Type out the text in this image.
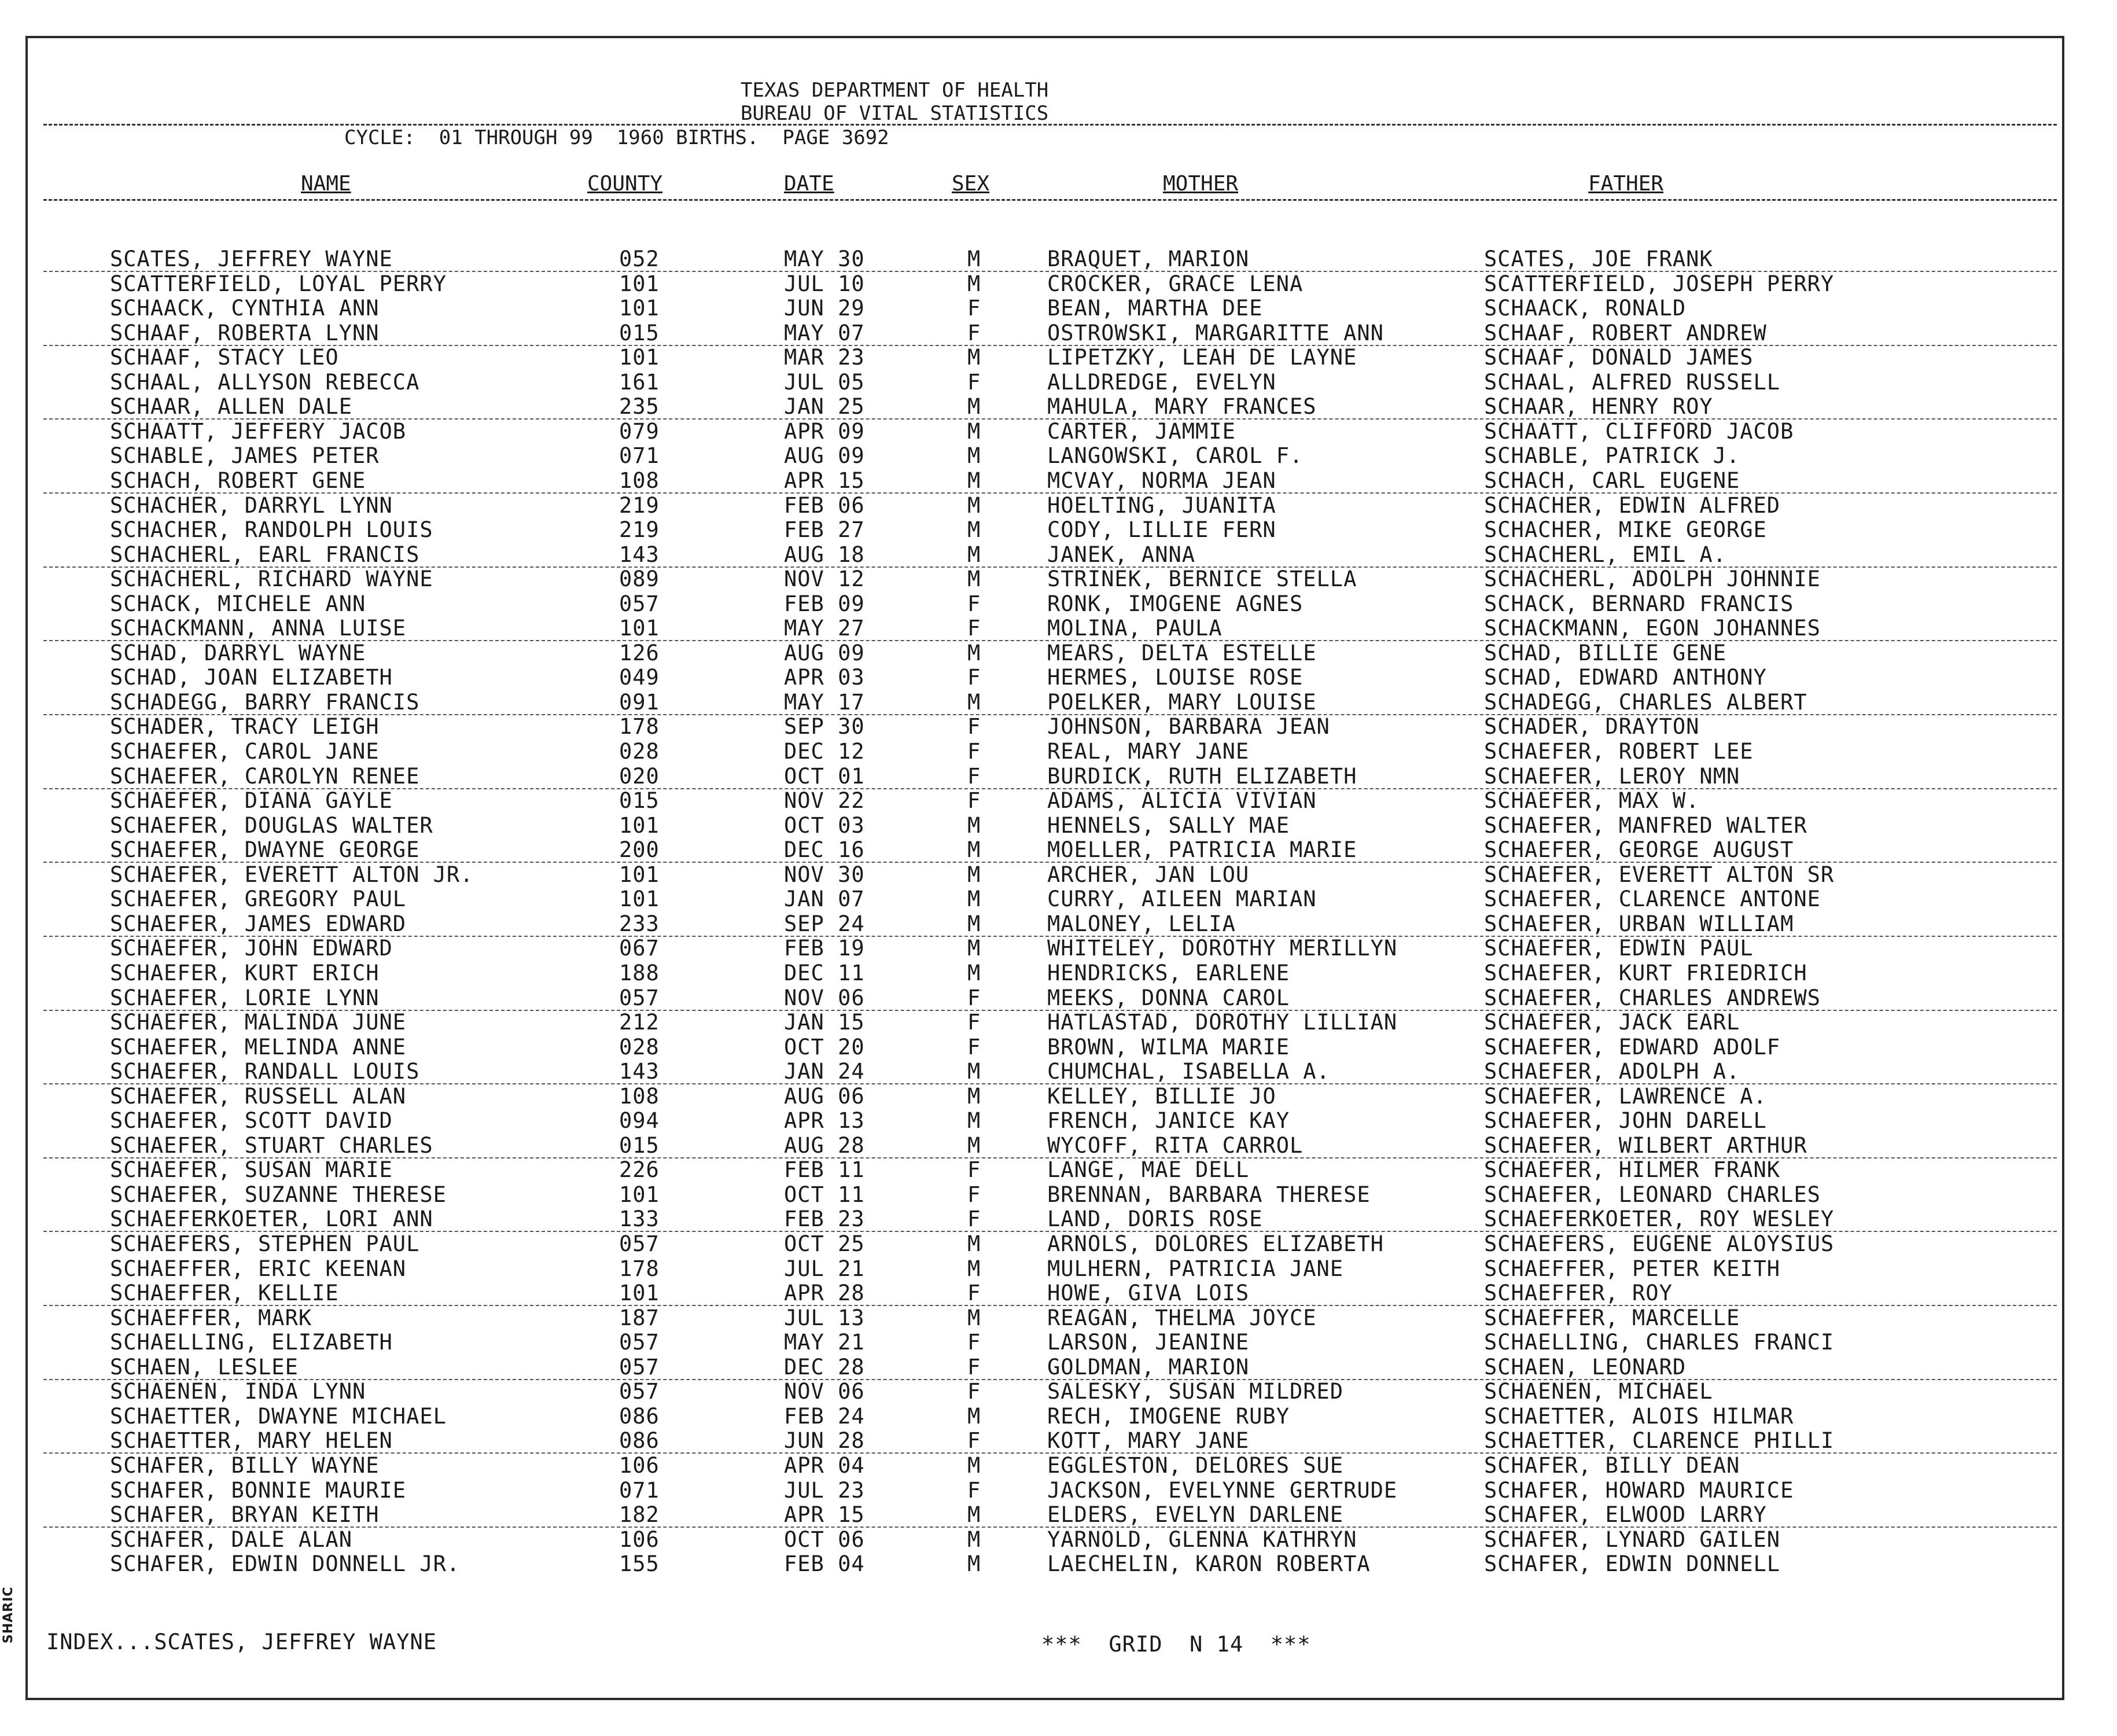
SHARIC
TEXAS DEPARTMENT OF HEALTH
BUREAU OF VITAL STATISTICS
CYCLE:  01 THROUGH 99  1960 BIRTHS.  PAGE 3692
NAME	COUNTY	DATE	SEX	MOTHER	FATHER
SCATES, JEFFREY WAYNE	052	MAY 30	M	BRAQUET, MARION	SCATES, JOE FRANK
SCATTERFIELD, LOYAL PERRY	101	JUL 10	M	CROCKER, GRACE LENA	SCATTERFIELD, JOSEPH PERRY
SCHAACK, CYNTHIA ANN	101	JUN 29	F	BEAN, MARTHA DEE	SCHAACK, RONALD
SCHAAF, ROBERTA LYNN	015	MAY 07	F	OSTROWSKI, MARGARITTE ANN	SCHAAF, ROBERT ANDREW
SCHAAF, STACY LEO	101	MAR 23	M	LIPETZKY, LEAH DE LAYNE	SCHAAF, DONALD JAMES
SCHAAL, ALLYSON REBECCA	161	JUL 05	F	ALLDREDGE, EVELYN	SCHAAL, ALFRED RUSSELL
SCHAAR, ALLEN DALE	235	JAN 25	M	MAHULA, MARY FRANCES	SCHAAR, HENRY ROY
SCHAATT, JEFFERY JACOB	079	APR 09	M	CARTER, JAMMIE	SCHAATT, CLIFFORD JACOB
SCHABLE, JAMES PETER	071	AUG 09	M	LANGOWSKI, CAROL F.	SCHABLE, PATRICK J.
SCHACH, ROBERT GENE	108	APR 15	M	MCVAY, NORMA JEAN	SCHACH, CARL EUGENE
SCHACHER, DARRYL LYNN	219	FEB 06	M	HOELTING, JUANITA	SCHACHER, EDWIN ALFRED
SCHACHER, RANDOLPH LOUIS	219	FEB 27	M	CODY, LILLIE FERN	SCHACHER, MIKE GEORGE
SCHACHERL, EARL FRANCIS	143	AUG 18	M	JANEK, ANNA	SCHACHERL, EMIL A.
SCHACHERL, RICHARD WAYNE	089	NOV 12	M	STRINEK, BERNICE STELLA	SCHACHERL, ADOLPH JOHNNIE
SCHACK, MICHELE ANN	057	FEB 09	F	RONK, IMOGENE AGNES	SCHACK, BERNARD FRANCIS
SCHACKMANN, ANNA LUISE	101	MAY 27	F	MOLINA, PAULA	SCHACKMANN, EGON JOHANNES
SCHAD, DARRYL WAYNE	126	AUG 09	M	MEARS, DELTA ESTELLE	SCHAD, BILLIE GENE
SCHAD, JOAN ELIZABETH	049	APR 03	F	HERMES, LOUISE ROSE	SCHAD, EDWARD ANTHONY
SCHADEGG, BARRY FRANCIS	091	MAY 17	M	POELKER, MARY LOUISE	SCHADEGG, CHARLES ALBERT
SCHADER, TRACY LEIGH	178	SEP 30	F	JOHNSON, BARBARA JEAN	SCHADER, DRAYTON
SCHAEFER, CAROL JANE	028	DEC 12	F	REAL, MARY JANE	SCHAEFER, ROBERT LEE
SCHAEFER, CAROLYN RENEE	020	OCT 01	F	BURDICK, RUTH ELIZABETH	SCHAEFER, LEROY NMN
SCHAEFER, DIANA GAYLE	015	NOV 22	F	ADAMS, ALICIA VIVIAN	SCHAEFER, MAX W.
SCHAEFER, DOUGLAS WALTER	101	OCT 03	M	HENNELS, SALLY MAE	SCHAEFER, MANFRED WALTER
SCHAEFER, DWAYNE GEORGE	200	DEC 16	M	MOELLER, PATRICIA MARIE	SCHAEFER, GEORGE AUGUST
SCHAEFER, EVERETT ALTON JR.	101	NOV 30	M	ARCHER, JAN LOU	SCHAEFER, EVERETT ALTON SR
SCHAEFER, GREGORY PAUL	101	JAN 07	M	CURRY, AILEEN MARIAN	SCHAEFER, CLARENCE ANTONE
SCHAEFER, JAMES EDWARD	233	SEP 24	M	MALONEY, LELIA	SCHAEFER, URBAN WILLIAM
SCHAEFER, JOHN EDWARD	067	FEB 19	M	WHITELEY, DOROTHY MERILLYN	SCHAEFER, EDWIN PAUL
SCHAEFER, KURT ERICH	188	DEC 11	M	HENDRICKS, EARLENE	SCHAEFER, KURT FRIEDRICH
SCHAEFER, LORIE LYNN	057	NOV 06	F	MEEKS, DONNA CAROL	SCHAEFER, CHARLES ANDREWS
SCHAEFER, MALINDA JUNE	212	JAN 15	F	HATLASTAD, DOROTHY LILLIAN	SCHAEFER, JACK EARL
SCHAEFER, MELINDA ANNE	028	OCT 20	F	BROWN, WILMA MARIE	SCHAEFER, EDWARD ADOLF
SCHAEFER, RANDALL LOUIS	143	JAN 24	M	CHUMCHAL, ISABELLA A.	SCHAEFER, ADOLPH A.
SCHAEFER, RUSSELL ALAN	108	AUG 06	M	KELLEY, BILLIE JO	SCHAEFER, LAWRENCE A.
SCHAEFER, SCOTT DAVID	094	APR 13	M	FRENCH, JANICE KAY	SCHAEFER, JOHN DARELL
SCHAEFER, STUART CHARLES	015	AUG 28	M	WYCOFF, RITA CARROL	SCHAEFER, WILBERT ARTHUR
SCHAEFER, SUSAN MARIE	226	FEB 11	F	LANGE, MAE DELL	SCHAEFER, HILMER FRANK
SCHAEFER, SUZANNE THERESE	101	OCT 11	F	BRENNAN, BARBARA THERESE	SCHAEFER, LEONARD CHARLES
SCHAEFERKOETER, LORI ANN	133	FEB 23	F	LAND, DORIS ROSE	SCHAEFERKOETER, ROY WESLEY
SCHAEFERS, STEPHEN PAUL	057	OCT 25	M	ARNOLS, DOLORES ELIZABETH	SCHAEFERS, EUGENE ALOYSIUS
SCHAEFFER, ERIC KEENAN	178	JUL 21	M	MULHERN, PATRICIA JANE	SCHAEFFER, PETER KEITH
SCHAEFFER, KELLIE	101	APR 28	F	HOWE, GIVA LOIS	SCHAEFFER, ROY
SCHAEFFER, MARK	187	JUL 13	M	REAGAN, THELMA JOYCE	SCHAEFFER, MARCELLE
SCHAELLING, ELIZABETH	057	MAY 21	F	LARSON, JEANINE	SCHAELLING, CHARLES FRANCI
SCHAEN, LESLEE	057	DEC 28	F	GOLDMAN, MARION	SCHAEN, LEONARD
SCHAENEN, INDA LYNN	057	NOV 06	F	SALESKY, SUSAN MILDRED	SCHAENEN, MICHAEL
SCHAETTER, DWAYNE MICHAEL	086	FEB 24	M	RECH, IMOGENE RUBY	SCHAETTER, ALOIS HILMAR
SCHAETTER, MARY HELEN	086	JUN 28	F	KOTT, MARY JANE	SCHAETTER, CLARENCE PHILLI
SCHAFER, BILLY WAYNE	106	APR 04	M	EGGLESTON, DELORES SUE	SCHAFER, BILLY DEAN
SCHAFER, BONNIE MAURIE	071	JUL 23	F	JACKSON, EVELYNNE GERTRUDE	SCHAFER, HOWARD MAURICE
SCHAFER, BRYAN KEITH	182	APR 15	M	ELDERS, EVELYN DARLENE	SCHAFER, ELWOOD LARRY
SCHAFER, DALE ALAN	106	OCT 06	M	YARNOLD, GLENNA KATHRYN	SCHAFER, LYNARD GAILEN
SCHAFER, EDWIN DONNELL JR.	155	FEB 04	M	LAECHELIN, KARON ROBERTA	SCHAFER, EDWIN DONNELL
INDEX...SCATES, JEFFREY WAYNE	***  GRID  N 14  ***
